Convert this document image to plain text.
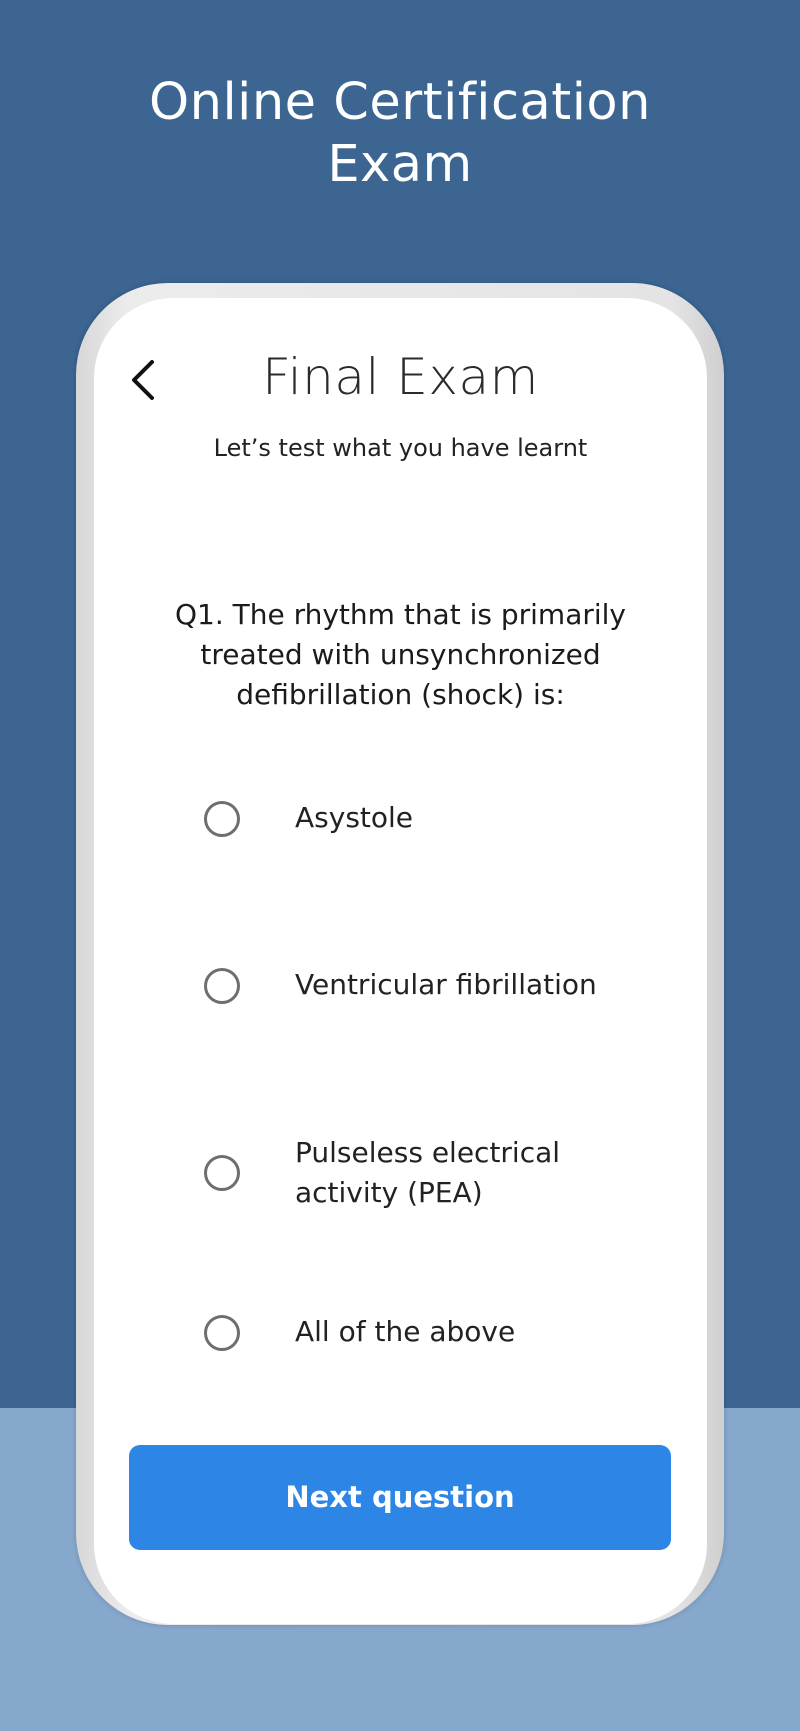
Online Certification
Exam
Final Exam
Let’s test what you have learnt
Q1. The rhythm that is primarily
treated with unsynchronized
defibrillation (shock) is:
Asystole
Ventricular fibrillation
Pulseless electrical
activity (PEA)
All of the above
Next question
